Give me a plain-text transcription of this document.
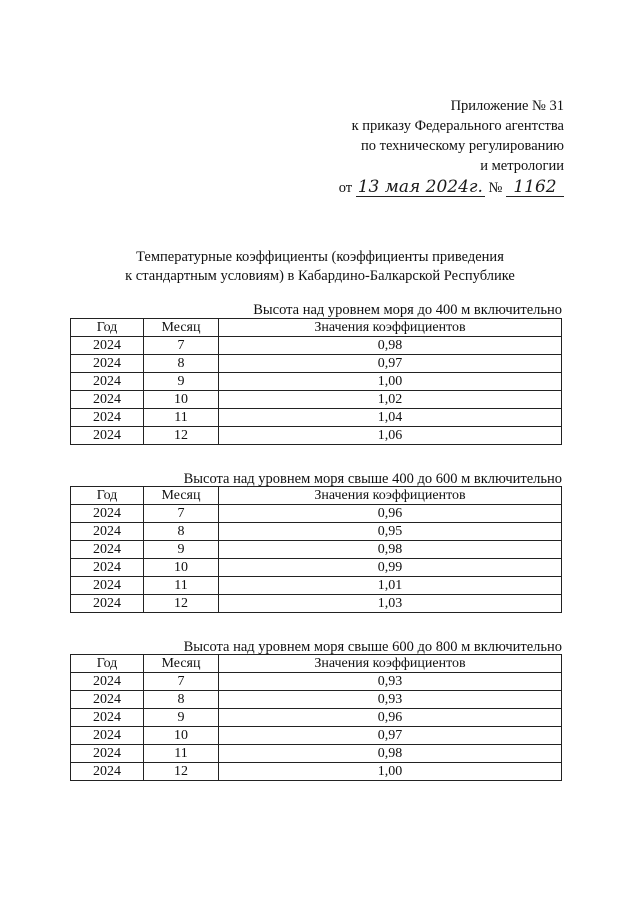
Приложение № 31
к приказу Федерального агентства
по техническому регулированию
и метрологии
от 13 мая 2024г. № 1162
Температурные коэффициенты (коэффициенты приведения
к стандартным условиям) в Кабардино-Балкарской Республике
Высота над уровнем моря до 400 м включительно
Год	Месяц	Значения коэффициентов
2024	7	0,98
2024	8	0,97
2024	9	1,00
2024	10	1,02
2024	11	1,04
2024	12	1,06
Высота над уровнем моря свыше 400 до 600 м включительно
Год	Месяц	Значения коэффициентов
2024	7	0,96
2024	8	0,95
2024	9	0,98
2024	10	0,99
2024	11	1,01
2024	12	1,03
Высота над уровнем моря свыше 600 до 800 м включительно
Год	Месяц	Значения коэффициентов
2024	7	0,93
2024	8	0,93
2024	9	0,96
2024	10	0,97
2024	11	0,98
2024	12	1,00
